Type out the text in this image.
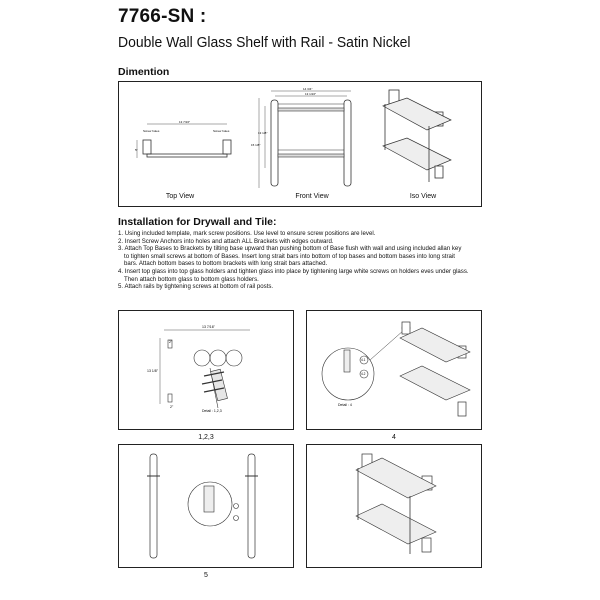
7766-SN :
Double Wall Glass Shelf with Rail - Satin Nickel
Dimention
13 7/16"
5"
Screw holes	Screw holes
14 3/4"
13 1/16"
15 1/8"
13 1/8"
Top View	Front View	Iso View
Installation for Drywall and Tile:
1. Using included template, mark screw positions. Use level to ensure screw positions are level.
2. Insert Screw Anchors into holes and attach ALL Brackets with edges outward.
3. Attach Top Bases to Brackets by tilting base upward than pushing bottom of Base flush with wall and using included allan key
to tighten small screws at bottom of Bases. Insert long strait bars into bottom of top bases and bottom bases into long strait
bars. Attach bottom bases to bottom brackets with long strait bars attached.
4. Insert top glass into top glass holders and tighten glass into place by tightening large white screws on holders eves under glass.
Then attach bottom glass to bottom glass holders.
5. Attach rails by tightening screws at bottom of rail posts.
13 7/16"
13 1/8"
2"
2"
Detail : 1,2,3
1,2,3
4.1
4.2
Detail : 4
4
5
